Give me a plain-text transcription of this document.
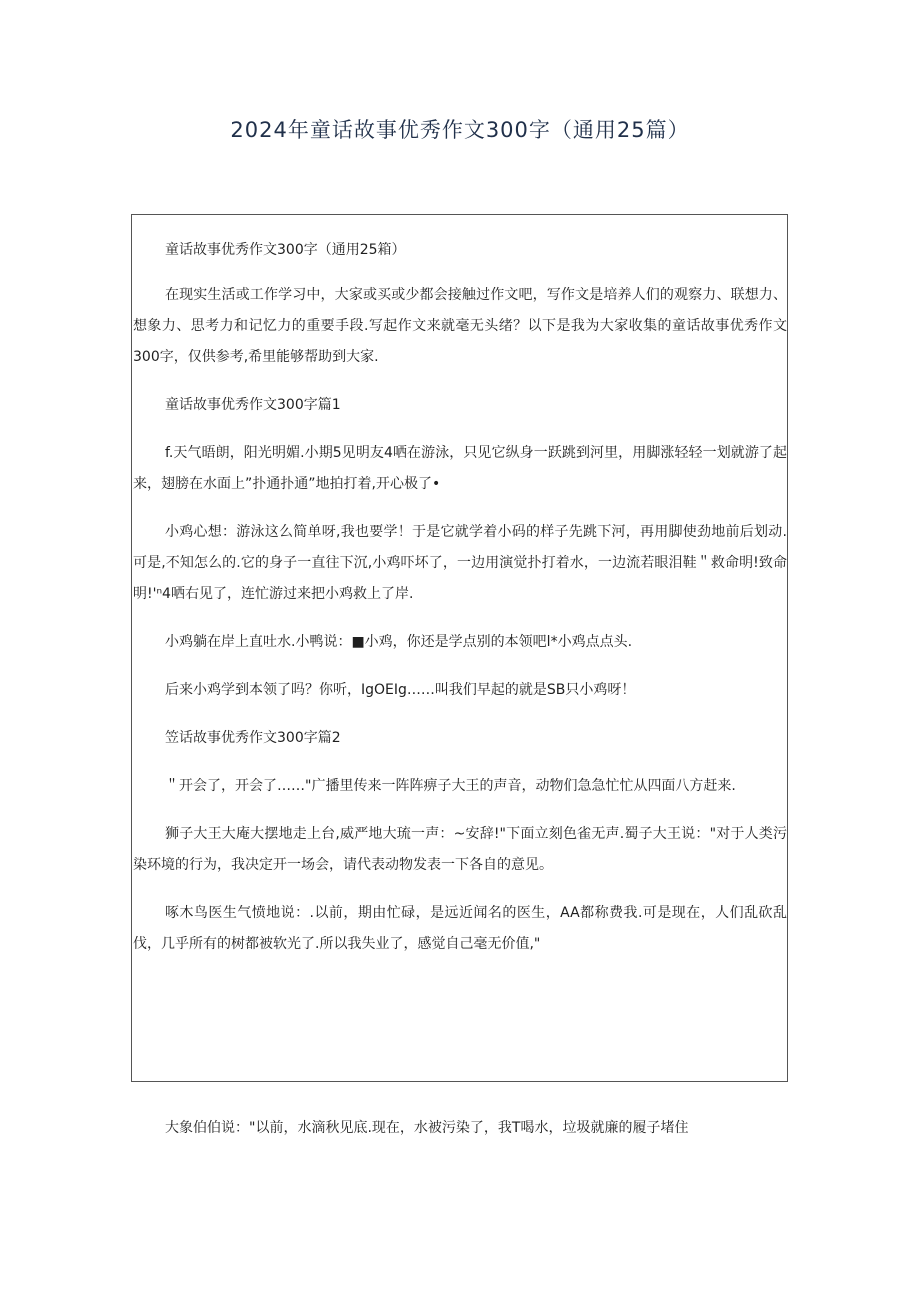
2024年童话故事优秀作文300字（通用25篇）

童话故事优秀作文300字（通用25箱）

在现实生活或工作学习中，大家或买或少都会接触过作文吧，写作文是培养人们的观察力、联想力、想象力、思考力和记忆力的重要手段.写起作文来就毫无头绪？以下是我为大家收集的童话故事优秀作文300字，仅供参考,希里能够帮助到大家.

童话故事优秀作文300字篇1

f.天气晤朗，阳光明媚.小期5见明友4哂在游泳，只见它纵身一跃跳到河里，用脚涨轻轻一划就游了起来，翅膀在水面上”扑通扑通”地拍打着,开心极了•

小鸡心想：游泳这么简单呀,我也要学！于是它就学着小码的样子先跳下河，再用脚使劲地前后划动.可是,不知怎么的.它的身子一直往下沉,小鸡吓坏了，一边用演觉扑打着水，一边流若眼泪鞋＂救命明!致命明!'ⁿ4哂右见了，连忙游过来把小鸡救上了岸.

小鸡躺在岸上直吐水.小鸭说：■小鸡，你还是学点别的本领吧l*小鸡点点头.

后来小鸡学到本领了吗？你听，IgOEIg……叫我们早起的就是SB只小鸡呀！

笠话故事优秀作文300字篇2

＂开会了，开会了……"广播里传来一阵阵痹子大王的声音，动物们急急忙忙从四面八方赶来.

狮子大王大庵大摆地走上台,威严地大琉一声：~安辞!"下面立刻色雀无声.蜀子大王说："对于人类污染环境的行为，我决定开一场会，请代表动物发表一下各自的意见。

啄木鸟医生气愤地说：.以前，期由忙碌，是远近闻名的医生，AA都称费我.可是现在，人们乱砍乱伐，几乎所有的树都被软光了.所以我失业了，感觉自己毫无价值,"

大象伯伯说："以前，水滴秋见底.现在，水被污染了，我T喝水，垃圾就廉的履子堵住
